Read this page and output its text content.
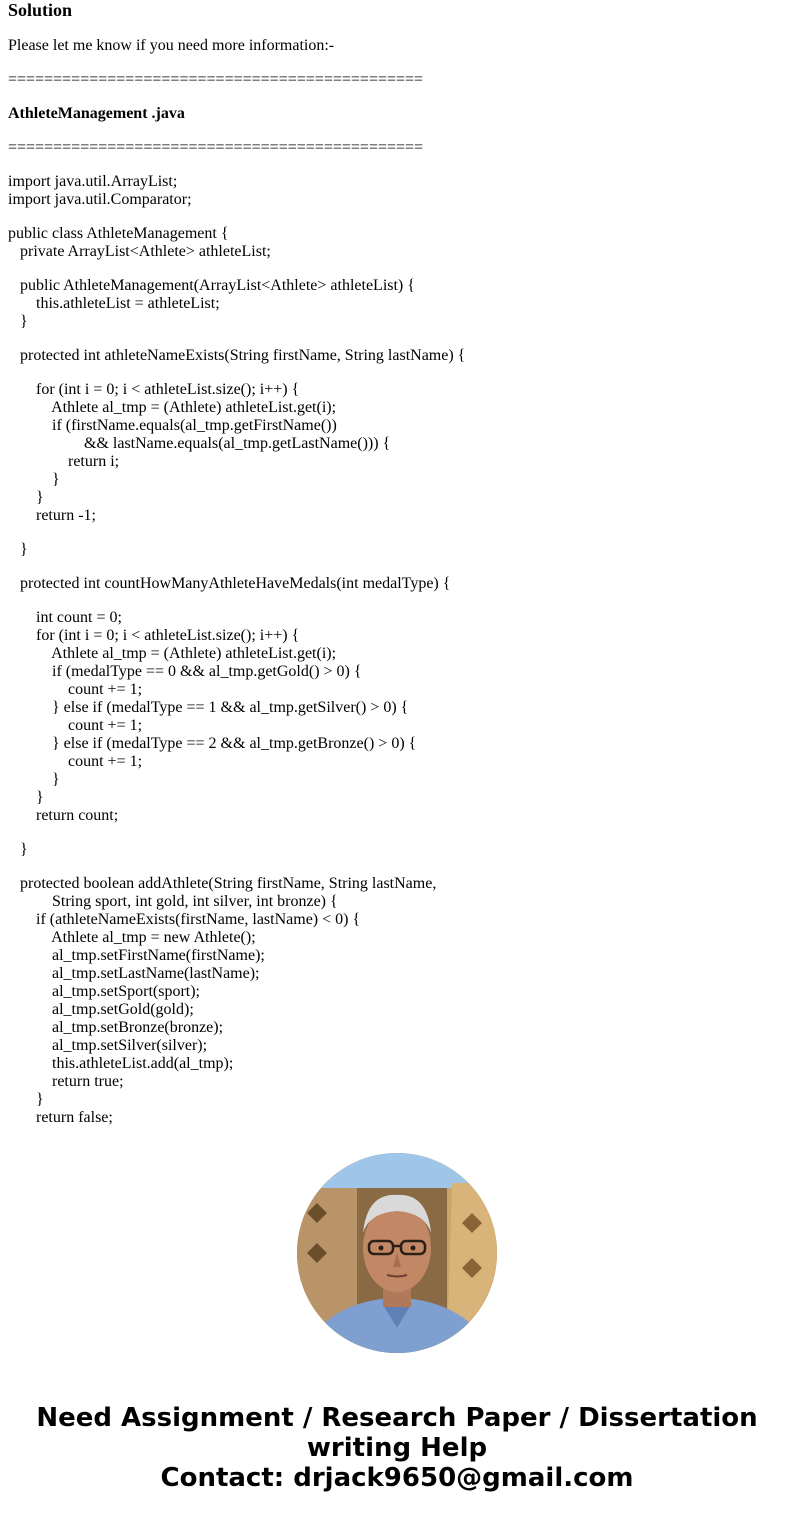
Solution

Please let me know if you need more information:-

==============================================
AthleteManagement .java
==============================================
import java.util.ArrayList;
import java.util.Comparator;
public class AthleteManagement {
private ArrayList<Athlete> athleteList;
public AthleteManagement(ArrayList<Athlete> athleteList) {
this.athleteList = athleteList;
}
protected int athleteNameExists(String firstName, String lastName) {
for (int i = 0; i < athleteList.size(); i++) {
Athlete al_tmp = (Athlete) athleteList.get(i);
if (firstName.equals(al_tmp.getFirstName())
&& lastName.equals(al_tmp.getLastName())) {
return i;
}
}
return -1;
}
protected int countHowManyAthleteHaveMedals(int medalType) {
int count = 0;
for (int i = 0; i < athleteList.size(); i++) {
Athlete al_tmp = (Athlete) athleteList.get(i);
if (medalType == 0 && al_tmp.getGold() > 0) {
count += 1;
} else if (medalType == 1 && al_tmp.getSilver() > 0) {
count += 1;
} else if (medalType == 2 && al_tmp.getBronze() > 0) {
count += 1;
}
}
return count;
}
protected boolean addAthlete(String firstName, String lastName,
String sport, int gold, int silver, int bronze) {
if (athleteNameExists(firstName, lastName) < 0) {
Athlete al_tmp = new Athlete();
al_tmp.setFirstName(firstName);
al_tmp.setLastName(lastName);
al_tmp.setSport(sport);
al_tmp.setGold(gold);
al_tmp.setBronze(bronze);
al_tmp.setSilver(silver);
this.athleteList.add(al_tmp);
return true;
}
return false;
Need Assignment / Research Paper / Dissertation
writing Help
Contact: drjack9650@gmail.com
